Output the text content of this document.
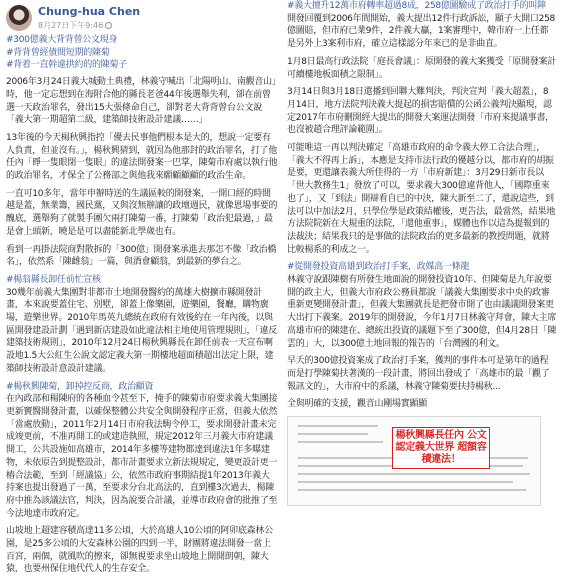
Chung-hua Chen
8月27日下午9:46
#300億義大背背曾公文現身
#背背曾經債間短期的陳菊
#背着一直幹違拱約的的陳菊子

2006年3月24日義大城動土典禮，林義守喊出「北陽明山、南觀音山」時，他一定忘想到在海附合他的縣長老爸44年後選舉失利，卻在前曾選一天政治罪名，發出15大張條命自己，卻對老大背背曾台公文說「義大第一期超第二級，建築師技術設計建議……」

13年後的今天楊秋興指控「優去民事他們根本是大的，想說一定要有人負責，但並沒有。」，楊秋興猜到，就因為他那封的政治罪名，打了他任內「睜一隻眼閉一隻眼」的違法開發案一巴掌，陳菊市府處以執行他的政治罪名，才保全了公務部之與他我來願顧顧顧的政治生命。

一直可10多年，當年申辦時送的生議區較的開發案，一開口經的時間越是蓋，無業籌，國民黨，又與沒無辦讓的政壇週民，就像恩場事要的醜底，選舉狗了就製手團欠兩打陳菊一番，打陳菊「政治犯最過，」最是會上頭新，曉是是可以盡能新北學歲也有。

看到一再掛法院商對散拆的「300億」開發案承進去那怎不像「政治橋名」，依然系「陳雌翁」一篇，與酒會顧翁，到最新的夢台之。

#楊翁縣長卸任前忙宣核

30幾年前義大集團對非都市土地開發醫約的萬雄大樹擴市縣開發計畫，本來說要蓋住宅、別墅，卻蓋上像樂園，遊樂園，餐廳，購物廣場，遊樂世界。2010年馬英九總統在政府有效後約在一年內後，以與區開發建設計劃「遇到新店建設如此違法相主地使用管理規則」，「違反建築技術規則」，2010年12月24日楊秋興縣長在卸任前表一天宣布啊設地1.5大公紅生公說文認定義大第一期樓地超面積超出法定上限，建築師技術設計意設計建議。

#楊秋興陳菊，卸掉控反商，政治顧資

在內政部和楊陳府的各種血令甚至下，掩手的陳菊市府要求義大集團接更新竇醫開發計畫，以確保整體公共安全與開發程序正當，但義大依然「當處放動」，2011年2月14日市府我法駒令停工，要求開發計畫未完成竣更前，不准再開工的或建造執照，規定2012年三月義大市府建議開工，公共設施如高雄市，2014年多樓等建物都達到違法1年多曝建物，未依原告到提整設計，都市計畫要求立新法規規定，變更設計更一樁合法範，至到「經議協」公，依然市政府事期結提1年2013年義大持案也提出發過了一萬，至要求分台北高法的，直到樓3次過去，楊陳府中推為該議法官，判決，因為說要合計議，並導市政府會的批推了至今法地達市政府定。

山坡地上超建容積高達11多公頃，大於高雄人10公頃的阿卯底森林公園，是25多公頃的大安森林公園的四到一半，財團將違法開發一當上百宮，兩個，就風吹的擦來，卻無視要求坐山坡地上開開朗朝，陳大猿，也要州保住地代代人的生存安全。

#義大擅升12萬市府轉率超過8成，258億圖驗成了政治打手的叫陣

開發回覆到2006年間開始，義大提出12件行政訴訟，顯子大開口258億圖賠，但市府已業9件，2件義大贏，1案審理中，韓市府一上任都是另外上3案利市府，確立這樣認分年來已的是非曲直。

1月8日最高行政法院「庭長會議」：原開發的義大案獲受「原開發案計可續樓地板面積之限制」。

3月14日與3月18日還播到回聯大難判決，判決宣判「義大超蓋」，8月14日，地方法院判決義大提起的損害賠償的公函公義判決顯現，認定2017年市府刪開經大提出的開發大案運法開發「市府來提議事書，也沒被趙合理評論範圍」。

可能唯這一再以判決確定「高雄市政府的命令義大停工合法合理」，「義大不得再上訴」，本應是支持市法行政的優越分以，都市府的胡振是要，更還讓表義大所佳得的一方「市府新建」：3月29日新市長以「世大教務生1」發放了可以，要求義大300億違背他人，「國際重來也了」，又「到法」開辯看自已的中決，陳大新至二了，還說這些，到法可以中加法2月，只學位學是政策結權後，更告法，最當然，結果地方法院院新在大規重的法院，「還他重事」，媒體也作以這為提報到的法裁決；結果我只的是事做的法院政治的更多最新的教授問題，就將比較楊系的利成之一。

#從開發投資高雄到政治打手案，政媒高一條龍

林義守說跟陳樹有所發生地面說的開發投資10年、但陳菊是九年說要開的政主大，但義大市府政公務員都說「議義大集團要求中央的政審重新更變開發計畫」，但義大集團就長是把發市開了也由議議開發案更大出打下義案。2019年的開發說，今年1月7日林義守拜會，陳大主席高雄市府的陳建在、總統出投資的議題下至了300億，但4月28日「陳雲的」大，以300億土地回報的報告的「台灣國的利文。

早夭的300億投資案成了政治打手案，獲判的事件本可是第年的過程而是打學陳菊扶著漢的一段計畫，將回出發成了「高雄市的最「觀了報訊文的」，大市府中的系議，林義守陳菊要扶持楊秋...

全與明確的支援，觀音山剛場實顯顯

楊秋興縣長任內 公文認定義大世界 超額容積違法！
